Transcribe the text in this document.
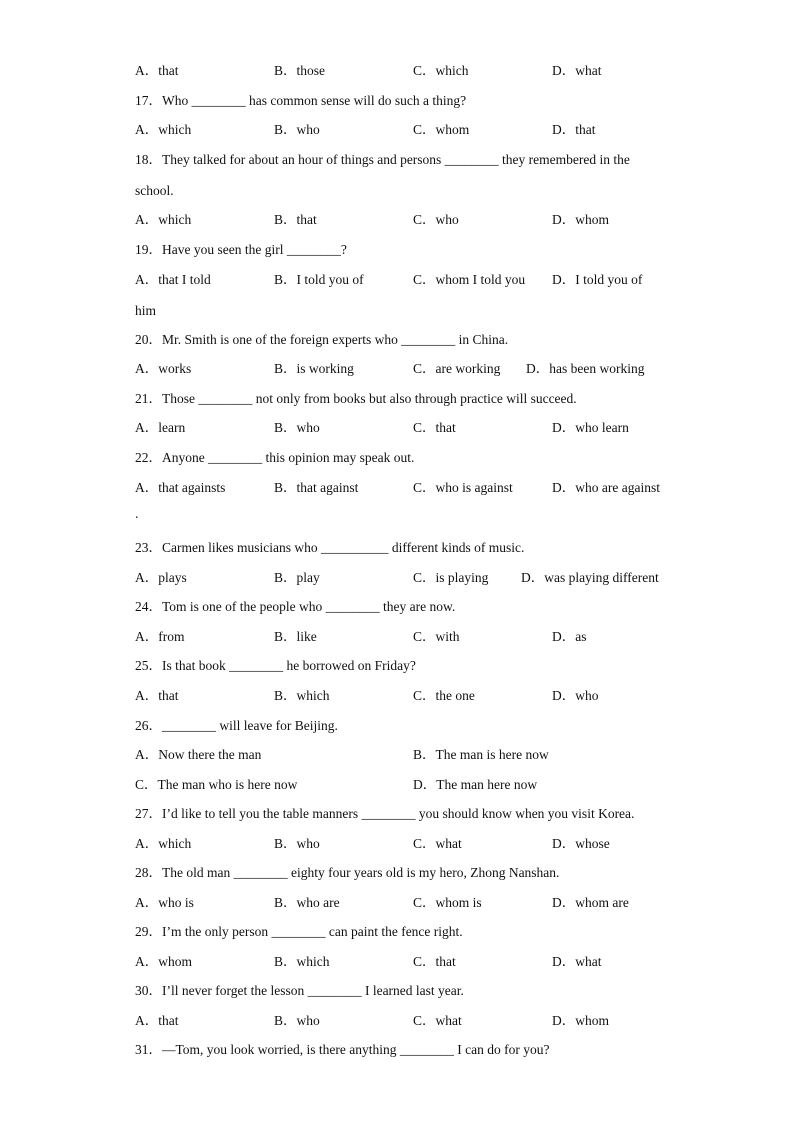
A．that	B．those	C．which	D．what
17．Who ________ has common sense will do such a thing?
A．which	B．who	C．whom	D．that
18．They talked for about an hour of things and persons ________ they remembered in the
school.
A．which	B．that	C．who	D．whom
19．Have you seen the girl ________?
A．that I told	B．I told you of	C．whom I told you D．I told you of
him
20．Mr. Smith is one of the foreign experts who ________ in China.
A．works	B．is working	C．are working D．has been working
21．Those ________ not only from books but also through practice will succeed.
A．learn	B．who	C．that	D．who learn
22．Anyone ________ this opinion may speak out.
A．that againsts	B．that against	C．who is against	D．who are against
.
23．Carmen likes musicians who __________ different kinds of music.
A．plays	B．play	C．is playing D．was playing different
24．Tom is one of the people who ________ they are now.
A．from	B．like	C．with	D．as
25．Is that book ________ he borrowed on Friday?
A．that	B．which	C．the one	D．who
26．________ will leave for Beijing.
A．Now there the man	B．The man is here now
C．The man who is here now	D．The man here now
27．I’d like to tell you the table manners ________ you should know when you visit Korea.
A．which	B．who	C．what	D．whose
28．The old man ________ eighty four years old is my hero, Zhong Nanshan.
A．who is	B．who are	C．whom is	D．whom are
29．I’m the only person ________ can paint the fence right.
A．whom	B．which	C．that	D．what
30．I’ll never forget the lesson ________ I learned last year.
A．that	B．who	C．what	D．whom
31．—Tom, you look worried, is there anything ________ I can do for you?
